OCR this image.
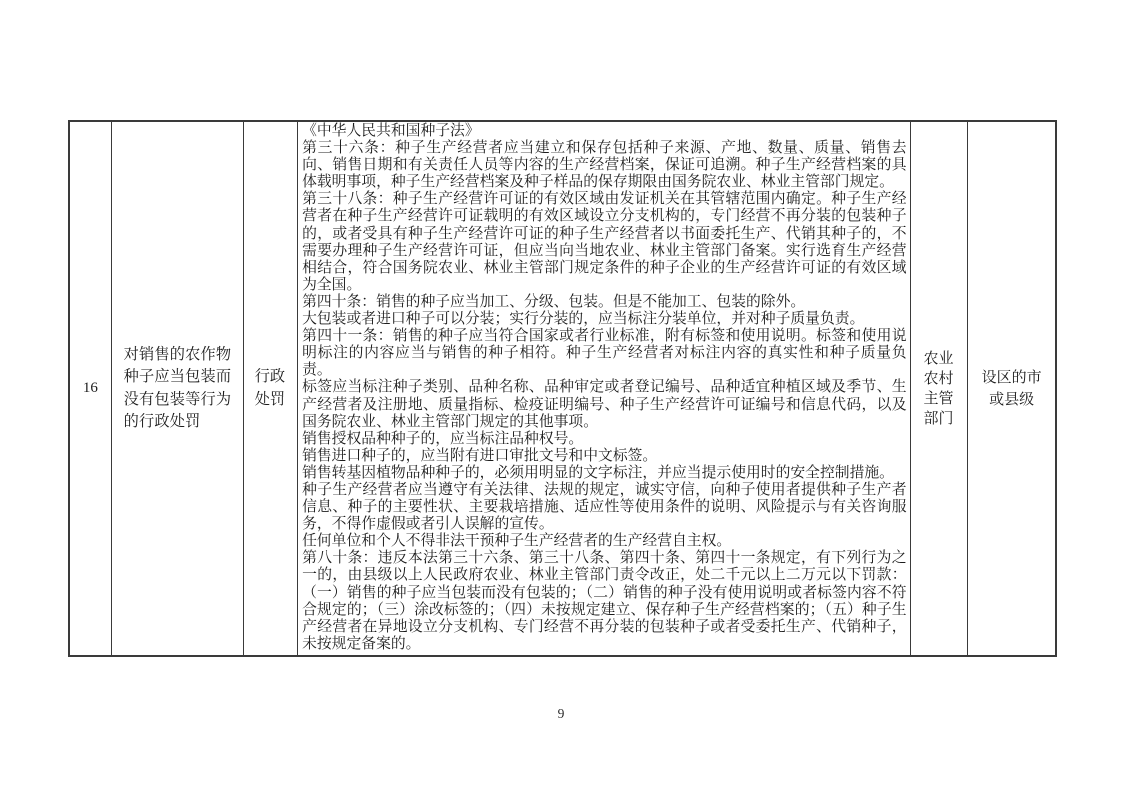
16
对销售的农作物种子应当包装而没有包装等行为的行政处罚
行政处罚

《中华人民共和国种子法》

第三十六条：种子生产经营者应当建立和保存包括种子来源、产地、数量、质量、销售去向、销售日期和有关责任人员等内容的生产经营档案，保证可追溯。种子生产经营档案的具体载明事项，种子生产经营档案及种子样品的保存期限由国务院农业、林业主管部门规定。

第三十八条：种子生产经营许可证的有效区域由发证机关在其管辖范围内确定。种子生产经营者在种子生产经营许可证载明的有效区域设立分支机构的，专门经营不再分装的包装种子的，或者受具有种子生产经营许可证的种子生产经营者以书面委托生产、代销其种子的，不需要办理种子生产经营许可证，但应当向当地农业、林业主管部门备案。实行选育生产经营相结合，符合国务院农业、林业主管部门规定条件的种子企业的生产经营许可证的有效区域为全国。

第四十条：销售的种子应当加工、分级、包装。但是不能加工、包装的除外。

大包装或者进口种子可以分装；实行分装的，应当标注分装单位，并对种子质量负责。

第四十一条：销售的种子应当符合国家或者行业标准，附有标签和使用说明。标签和使用说明标注的内容应当与销售的种子相符。种子生产经营者对标注内容的真实性和种子质量负责。

标签应当标注种子类别、品种名称、品种审定或者登记编号、品种适宜种植区域及季节、生产经营者及注册地、质量指标、检疫证明编号、种子生产经营许可证编号和信息代码，以及国务院农业、林业主管部门规定的其他事项。

销售授权品种种子的，应当标注品种权号。

销售进口种子的，应当附有进口审批文号和中文标签。

销售转基因植物品种种子的，必须用明显的文字标注，并应当提示使用时的安全控制措施。

种子生产经营者应当遵守有关法律、法规的规定，诚实守信，向种子使用者提供种子生产者信息、种子的主要性状、主要栽培措施、适应性等使用条件的说明、风险提示与有关咨询服务，不得作虚假或者引人误解的宣传。

任何单位和个人不得非法干预种子生产经营者的生产经营自主权。

第八十条：违反本法第三十六条、第三十八条、第四十条、第四十一条规定，有下列行为之一的，由县级以上人民政府农业、林业主管部门责令改正，处二千元以上二万元以下罚款：（一）销售的种子应当包装而没有包装的；（二）销售的种子没有使用说明或者标签内容不符合规定的；（三）涂改标签的；（四）未按规定建立、保存种子生产经营档案的；（五）种子生产经营者在异地设立分支机构、专门经营不再分装的包装种子或者受委托生产、代销种子，未按规定备案的。

农业农村主管部门
设区的市或县级
9
